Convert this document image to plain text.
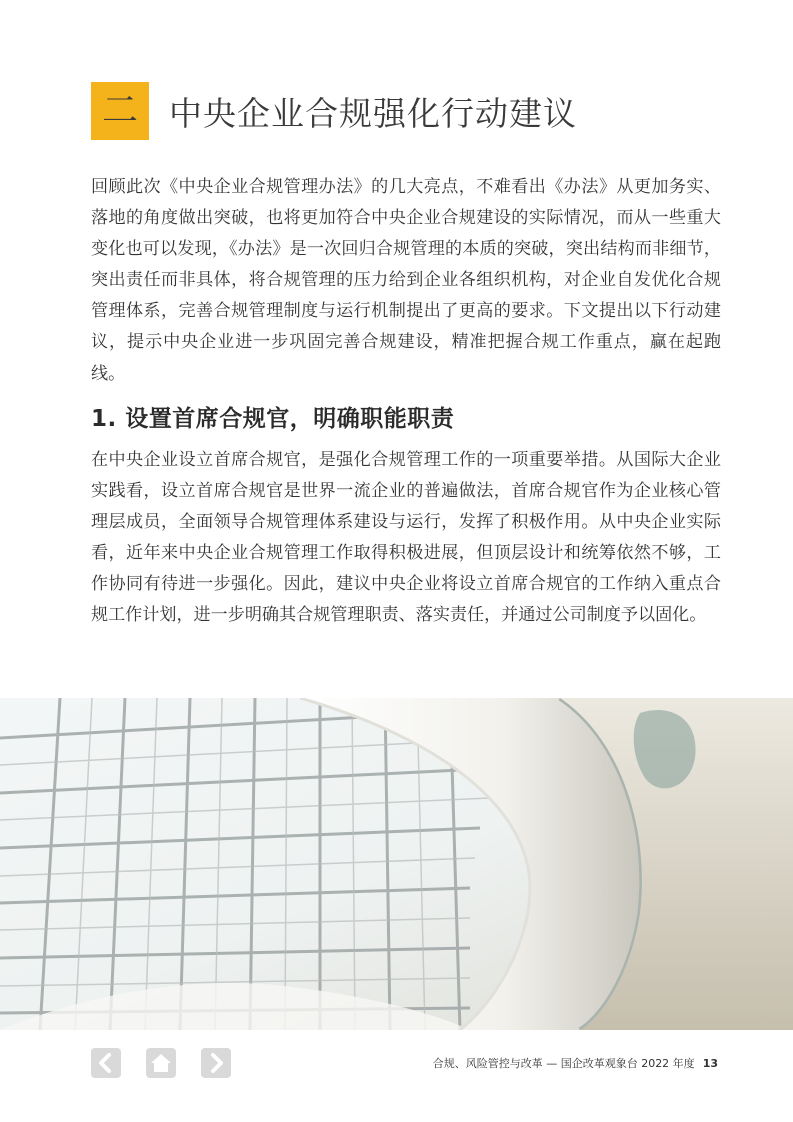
二 中央企业合规强化行动建议

回顾此次《中央企业合规管理办法》的几大亮点，不难看出《办法》从更加务实、落地的角度做出突破，也将更加符合中央企业合规建设的实际情况，而从一些重大变化也可以发现，《办法》是一次回归合规管理的本质的突破，突出结构而非细节，突出责任而非具体，将合规管理的压力给到企业各组织机构，对企业自发优化合规管理体系，完善合规管理制度与运行机制提出了更高的要求。下文提出以下行动建议，提示中央企业进一步巩固完善合规建设，精准把握合规工作重点，赢在起跑线。

1. 设置首席合规官，明确职能职责

在中央企业设立首席合规官，是强化合规管理工作的一项重要举措。从国际大企业实践看，设立首席合规官是世界一流企业的普遍做法，首席合规官作为企业核心管理层成员，全面领导合规管理体系建设与运行，发挥了积极作用。从中央企业实际看，近年来中央企业合规管理工作取得积极进展，但顶层设计和统筹依然不够，工作协同有待进一步强化。因此，建议中央企业将设立首席合规官的工作纳入重点合规工作计划，进一步明确其合规管理职责、落实责任，并通过公司制度予以固化。

合规、风险管控与改革 — 国企改革观象台 2022 年度 13
